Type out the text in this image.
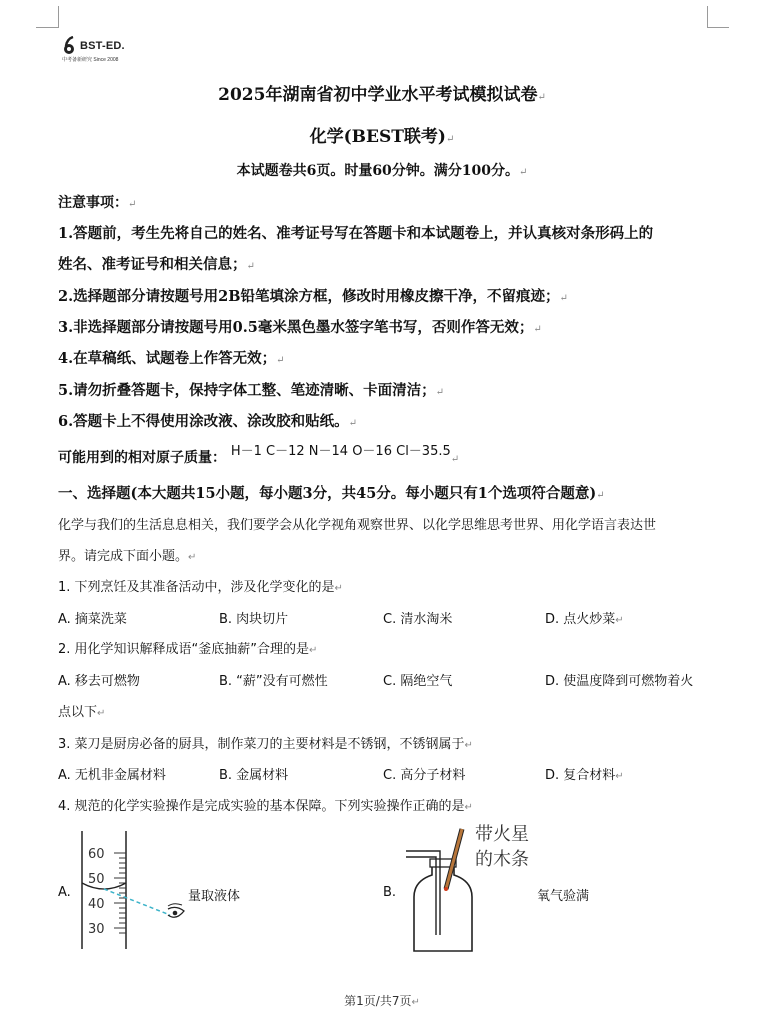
BST-ED.
中考备新研究 Since 2008
2025年湖南省初中学业水平考试模拟试卷↵
化学(BEST联考)↵
本试题卷共6页。时量60分钟。满分100分。↵
注意事项：↵
1.答题前，考生先将自己的姓名、准考证号写在答题卡和本试题卷上，并认真核对条形码上的
姓名、准考证号和相关信息；↵
2.选择题部分请按题号用2B铅笔填涂方框，修改时用橡皮擦干净，不留痕迹；↵
3.非选择题部分请按题号用0.5毫米黑色墨水签字笔书写，否则作答无效；↵
4.在草稿纸、试题卷上作答无效；↵
5.请勿折叠答题卡，保持字体工整、笔迹清晰、卡面清洁；↵
6.答题卡上不得使用涂改液、涂改胶和贴纸。↵
可能用到的相对原子质量： H－1 C－12 N－14 O－16 Cl－35.5↵
一、选择题(本大题共15小题，每小题3分，共45分。每小题只有1个选项符合题意)↵
化学与我们的生活息息相关，我们要学会从化学视角观察世界、以化学思维思考世界、用化学语言表达世
界。请完成下面小题。↵
1. 下列烹饪及其准备活动中，涉及化学变化的是↵
A. 摘菜洗菜	B. 肉块切片	C. 清水淘米	D. 点火炒菜↵
2. 用化学知识解释成语“釜底抽薪”合理的是↵
A. 移去可燃物	B. “薪”没有可燃性	C. 隔绝空气	D. 使温度降到可燃物着火
点以下↵
3. 菜刀是厨房必备的厨具，制作菜刀的主要材料是不锈钢，不锈钢属于↵
A. 无机非金属材料	B. 金属材料	C. 高分子材料	D. 复合材料↵
4. 规范的化学实验操作是完成实验的基本保障。下列实验操作正确的是↵
A.
60
50
40
30
量取液体	B.
带火星
的木条
氧气验满
第1页/共7页↵
